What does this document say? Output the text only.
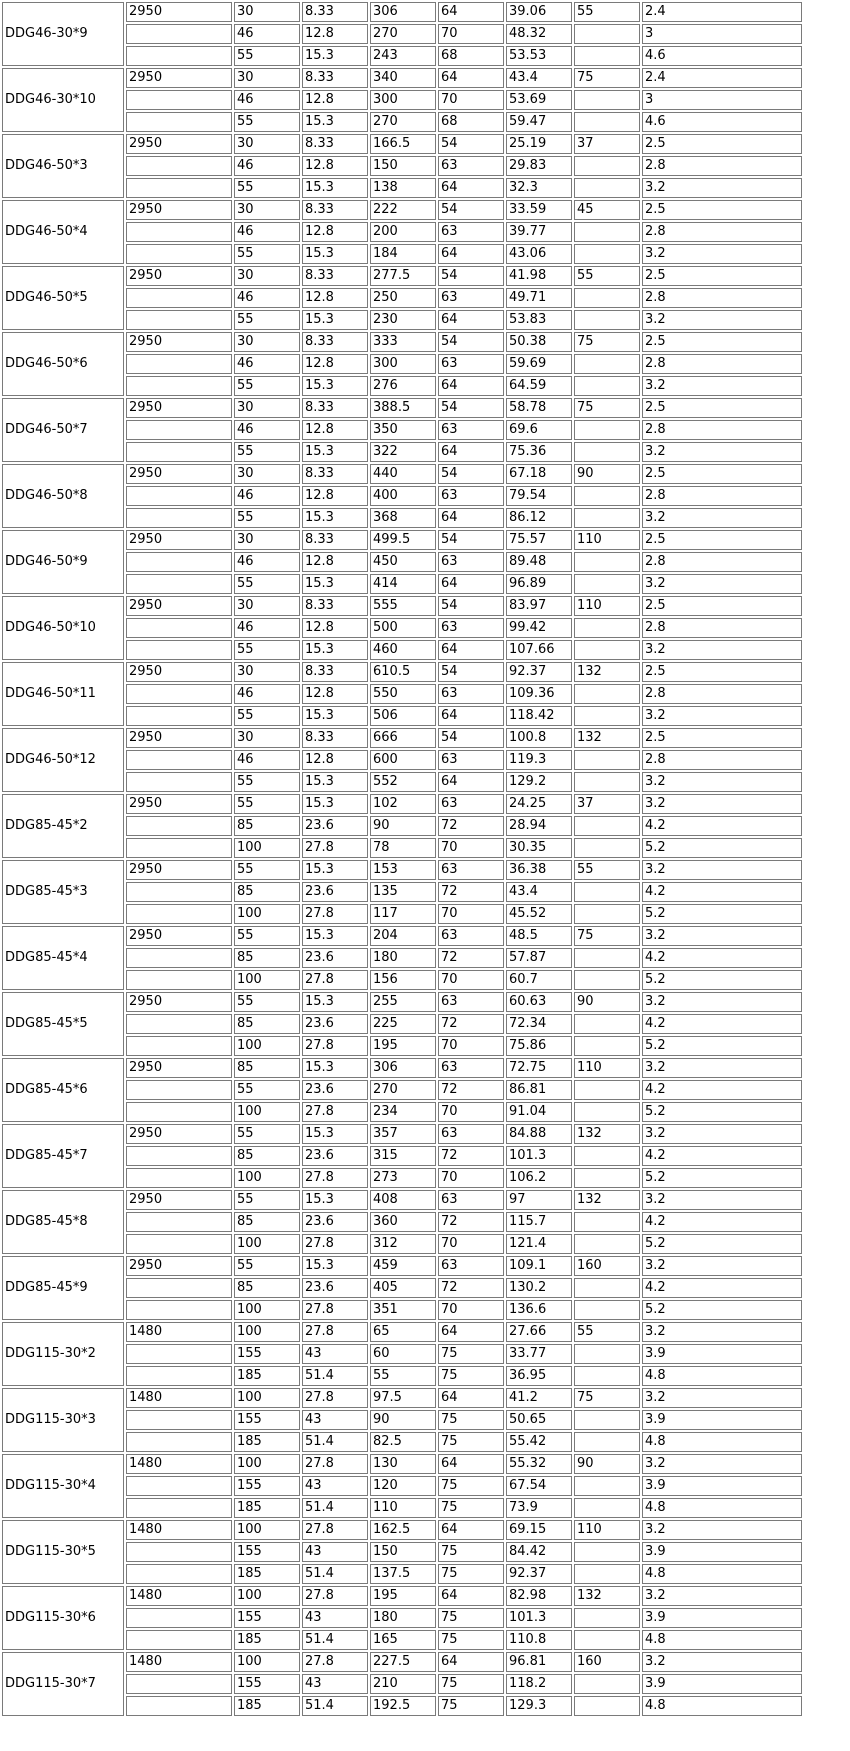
DDG46-30*9	2950	30	8.33	306	64	39.06	55	2.4
		46	12.8	270	70	48.32		3
		55	15.3	243	68	53.53		4.6
DDG46-30*10	2950	30	8.33	340	64	43.4	75	2.4
		46	12.8	300	70	53.69		3
		55	15.3	270	68	59.47		4.6
DDG46-50*3	2950	30	8.33	166.5	54	25.19	37	2.5
		46	12.8	150	63	29.83		2.8
		55	15.3	138	64	32.3		3.2
DDG46-50*4	2950	30	8.33	222	54	33.59	45	2.5
		46	12.8	200	63	39.77		2.8
		55	15.3	184	64	43.06		3.2
DDG46-50*5	2950	30	8.33	277.5	54	41.98	55	2.5
		46	12.8	250	63	49.71		2.8
		55	15.3	230	64	53.83		3.2
DDG46-50*6	2950	30	8.33	333	54	50.38	75	2.5
		46	12.8	300	63	59.69		2.8
		55	15.3	276	64	64.59		3.2
DDG46-50*7	2950	30	8.33	388.5	54	58.78	75	2.5
		46	12.8	350	63	69.6		2.8
		55	15.3	322	64	75.36		3.2
DDG46-50*8	2950	30	8.33	440	54	67.18	90	2.5
		46	12.8	400	63	79.54		2.8
		55	15.3	368	64	86.12		3.2
DDG46-50*9	2950	30	8.33	499.5	54	75.57	110	2.5
		46	12.8	450	63	89.48		2.8
		55	15.3	414	64	96.89		3.2
DDG46-50*10	2950	30	8.33	555	54	83.97	110	2.5
		46	12.8	500	63	99.42		2.8
		55	15.3	460	64	107.66		3.2
DDG46-50*11	2950	30	8.33	610.5	54	92.37	132	2.5
		46	12.8	550	63	109.36		2.8
		55	15.3	506	64	118.42		3.2
DDG46-50*12	2950	30	8.33	666	54	100.8	132	2.5
		46	12.8	600	63	119.3		2.8
		55	15.3	552	64	129.2		3.2
DDG85-45*2	2950	55	15.3	102	63	24.25	37	3.2
		85	23.6	90	72	28.94		4.2
		100	27.8	78	70	30.35		5.2
DDG85-45*3	2950	55	15.3	153	63	36.38	55	3.2
		85	23.6	135	72	43.4		4.2
		100	27.8	117	70	45.52		5.2
DDG85-45*4	2950	55	15.3	204	63	48.5	75	3.2
		85	23.6	180	72	57.87		4.2
		100	27.8	156	70	60.7		5.2
DDG85-45*5	2950	55	15.3	255	63	60.63	90	3.2
		85	23.6	225	72	72.34		4.2
		100	27.8	195	70	75.86		5.2
DDG85-45*6	2950	85	15.3	306	63	72.75	110	3.2
		55	23.6	270	72	86.81		4.2
		100	27.8	234	70	91.04		5.2
DDG85-45*7	2950	55	15.3	357	63	84.88	132	3.2
		85	23.6	315	72	101.3		4.2
		100	27.8	273	70	106.2		5.2
DDG85-45*8	2950	55	15.3	408	63	97	132	3.2
		85	23.6	360	72	115.7		4.2
		100	27.8	312	70	121.4		5.2
DDG85-45*9	2950	55	15.3	459	63	109.1	160	3.2
		85	23.6	405	72	130.2		4.2
		100	27.8	351	70	136.6		5.2
DDG115-30*2	1480	100	27.8	65	64	27.66	55	3.2
		155	43	60	75	33.77		3.9
		185	51.4	55	75	36.95		4.8
DDG115-30*3	1480	100	27.8	97.5	64	41.2	75	3.2
		155	43	90	75	50.65		3.9
		185	51.4	82.5	75	55.42		4.8
DDG115-30*4	1480	100	27.8	130	64	55.32	90	3.2
		155	43	120	75	67.54		3.9
		185	51.4	110	75	73.9		4.8
DDG115-30*5	1480	100	27.8	162.5	64	69.15	110	3.2
		155	43	150	75	84.42		3.9
		185	51.4	137.5	75	92.37		4.8
DDG115-30*6	1480	100	27.8	195	64	82.98	132	3.2
		155	43	180	75	101.3		3.9
		185	51.4	165	75	110.8		4.8
DDG115-30*7	1480	100	27.8	227.5	64	96.81	160	3.2
		155	43	210	75	118.2		3.9
		185	51.4	192.5	75	129.3		4.8
